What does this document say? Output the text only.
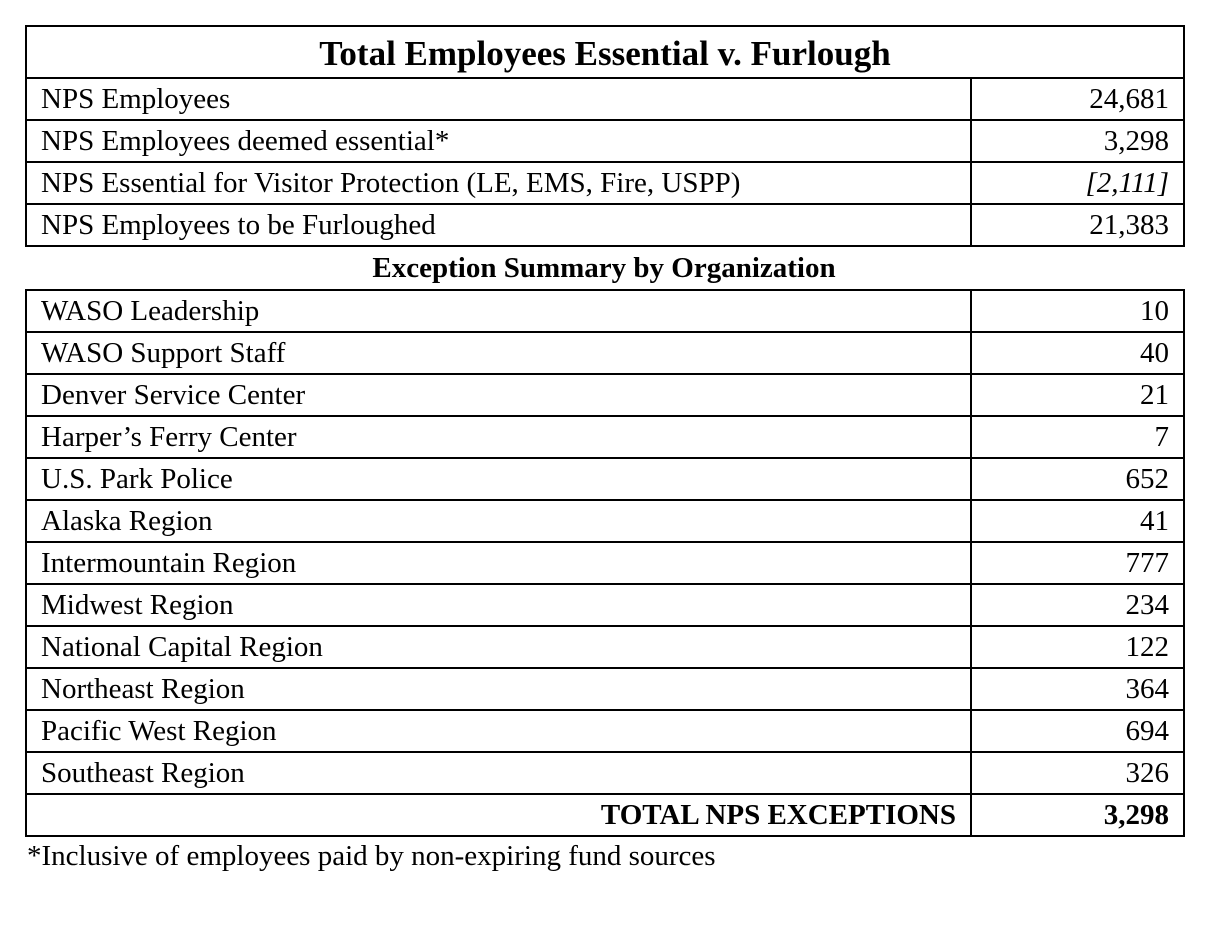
Total Employees Essential v. Furlough	
NPS Employees	24,681
NPS Employees deemed essential*	3,298
NPS Essential for Visitor Protection (LE, EMS, Fire, USPP)	[2,111]
NPS Employees to be Furloughed	21,383
Exception Summary by Organization
WASO Leadership	10
WASO Support Staff	40
Denver Service Center	21
Harper’s Ferry Center	7
U.S. Park Police	652
Alaska Region	41
Intermountain Region	777
Midwest Region	234
National Capital Region	122
Northeast Region	364
Pacific West Region	694
Southeast Region	326
TOTAL NPS EXCEPTIONS	3,298
*Inclusive of employees paid by non-expiring fund sources
